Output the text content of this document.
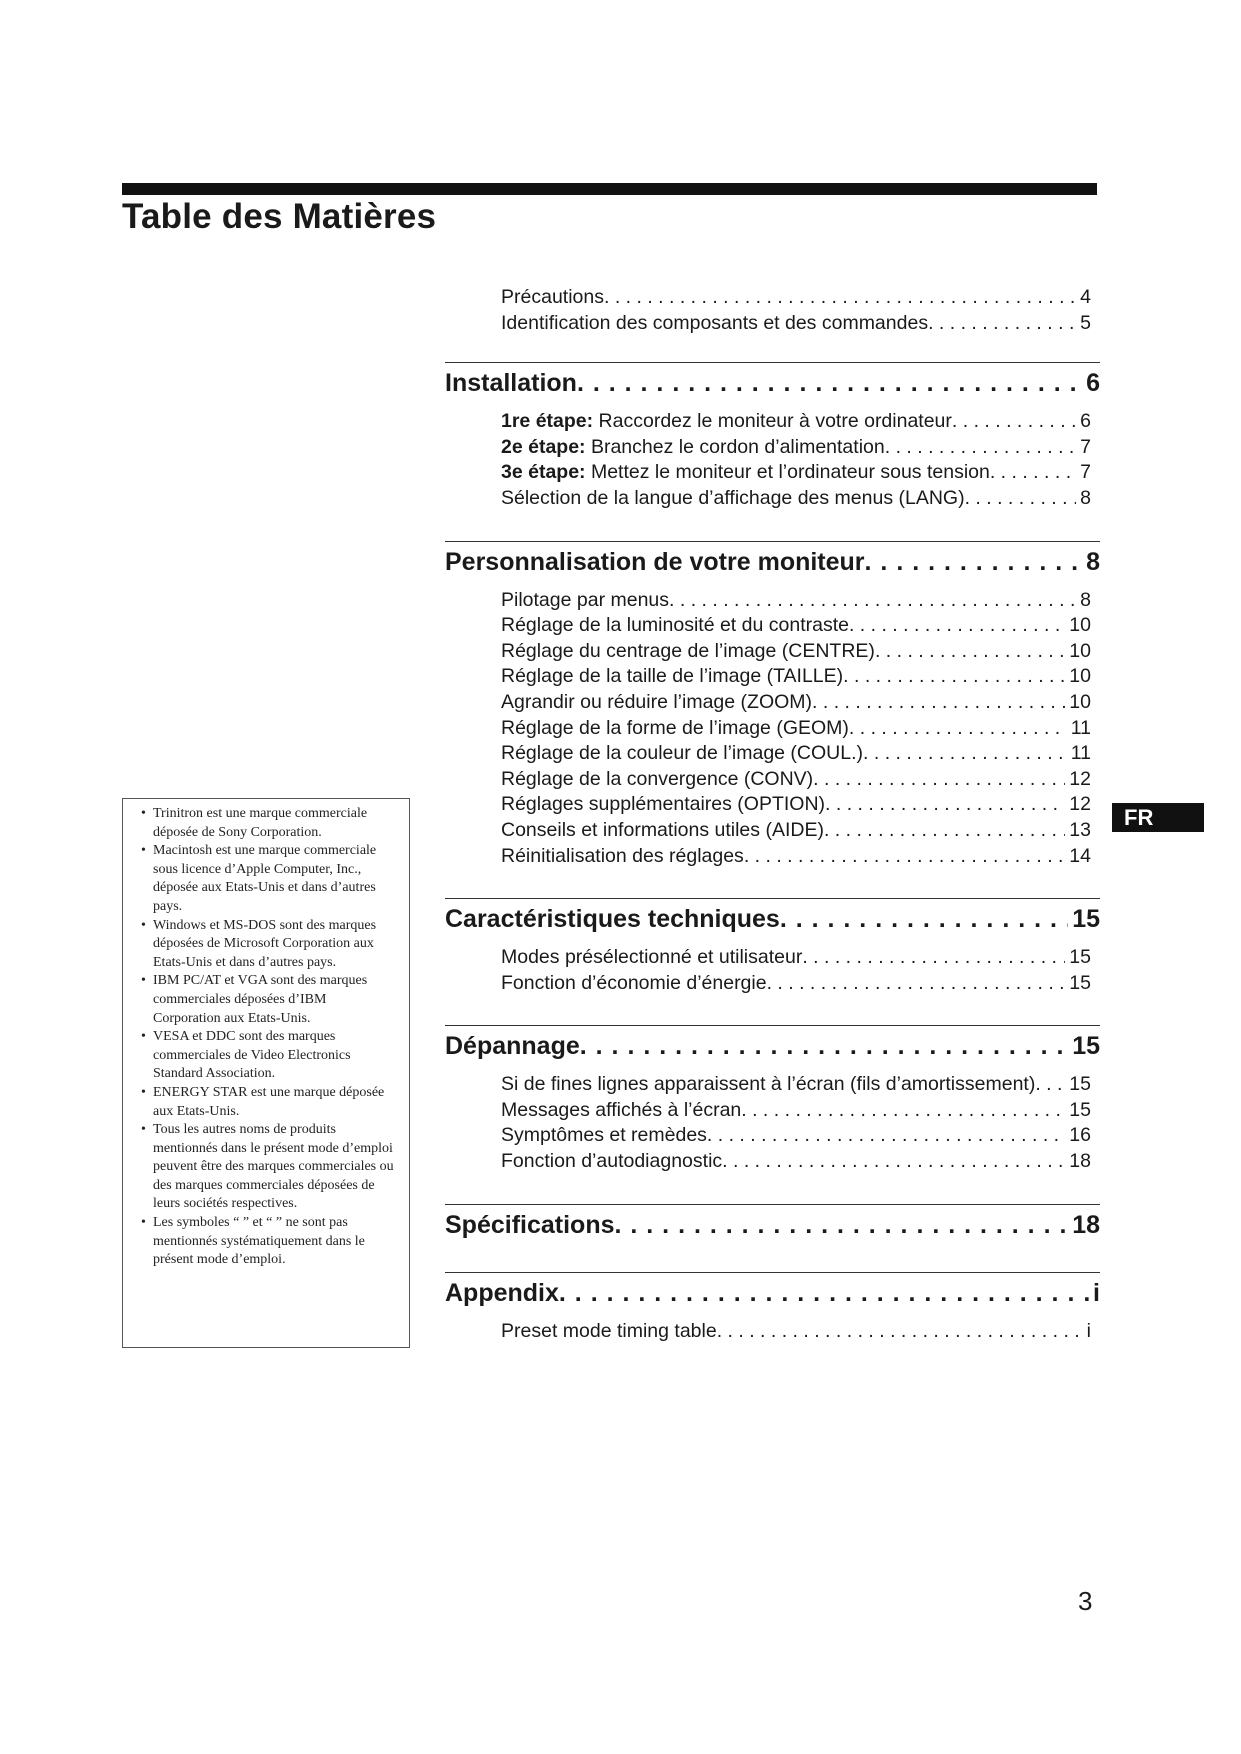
Table des Matières
Précautions . . .	4
Identification des composants et des commandes . . .	5
Installation . . .	6
1re étape: Raccordez le moniteur à votre ordinateur . . .	6
2e étape: Branchez le cordon d’alimentation . . .	7
3e étape: Mettez le moniteur et l’ordinateur sous tension . . .	7
Sélection de la langue d’affichage des menus (LANG) . . .	8
Personnalisation de votre moniteur . . .	8
Pilotage par menus . . .	8
Réglage de la luminosité et du contraste . . .	10
Réglage du centrage de l’image (CENTRE) . . .	10
Réglage de la taille de l’image (TAILLE) . . .	10
Agrandir ou réduire l’image (ZOOM) . . .	10
Réglage de la forme de l’image (GEOM) . . .	11
Réglage de la couleur de l’image (COUL.) . . .	11
Réglage de la convergence (CONV) . . .	12
Réglages supplémentaires (OPTION) . . .	12
Conseils et informations utiles (AIDE) . . .	13
Réinitialisation des réglages . . .	14
Caractéristiques techniques . . .	15
Modes présélectionné et utilisateur . . .	15
Fonction d’économie d’énergie . . .	15
Dépannage . . .	15
Si de fines lignes apparaissent à l’écran (fils d’amortissement) . . . 15
Messages affichés à l’écran . . .	15
Symptômes et remèdes . . .	16
Fonction d’autodiagnostic . . .	18
Spécifications . . .	18
Appendix . . .	i
Preset mode timing table . . .	i
• Trinitron est une marque commerciale déposée de Sony Corporation.
• Macintosh est une marque commerciale sous licence d’Apple Computer, Inc., déposée aux Etats-Unis et dans d’autres pays.
• Windows et MS-DOS sont des marques déposées de Microsoft Corporation aux Etats-Unis et dans d’autres pays.
• IBM PC/AT et VGA sont des marques commerciales déposées d’IBM Corporation aux Etats-Unis.
• VESA et DDC sont des marques commerciales de Video Electronics Standard Association.
• ENERGY STAR est une marque déposée aux Etats-Unis.
• Tous les autres noms de produits mentionnés dans le présent mode d’emploi peuvent être des marques commerciales ou des marques commerciales déposées de leurs sociétés respectives.
• Les symboles “ ” et “ ” ne sont pas mentionnés systématiquement dans le présent mode d’emploi.
FR
3
